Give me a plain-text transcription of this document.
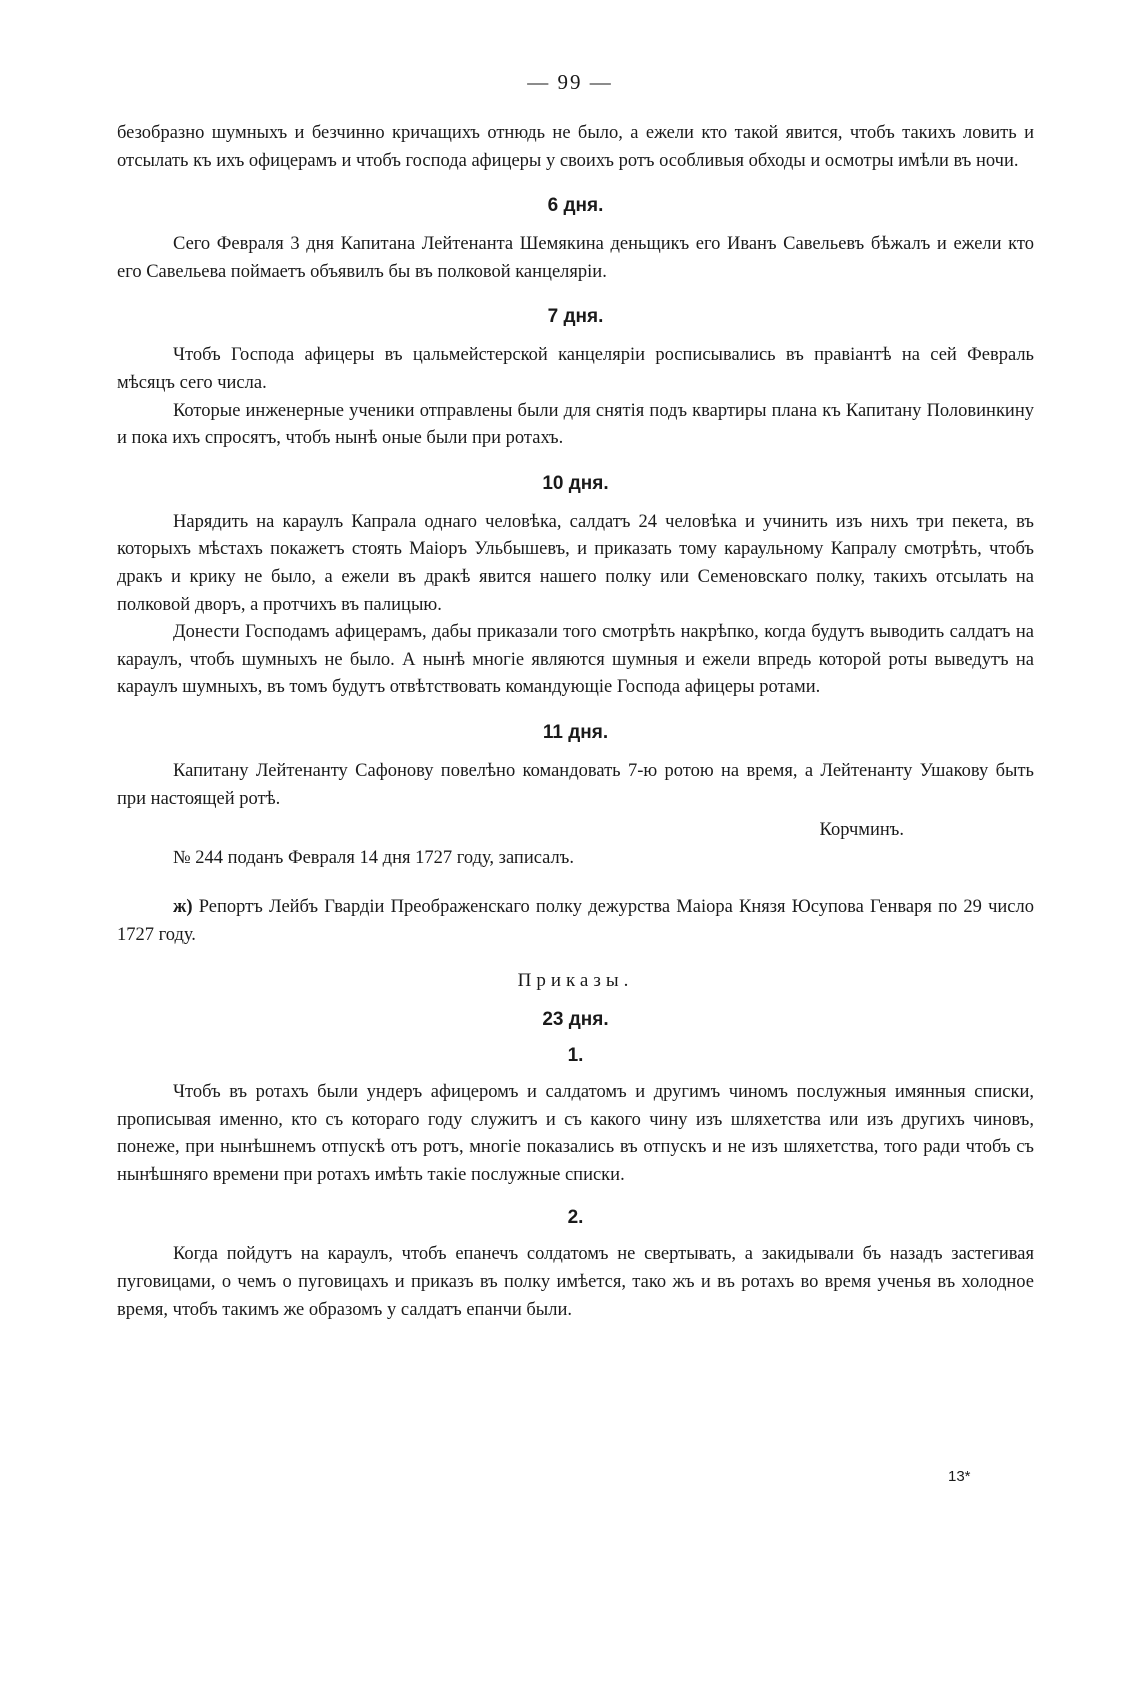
— 99 —

безобразно шумныхъ и безчинно кричащихъ отнюдь не было, а ежели кто такой явится, чтобъ такихъ ловить и отсылать къ ихъ офицерамъ и чтобъ господа афицеры у своихъ ротъ особливыя обходы и осмотры имѣли въ ночи.

6 дня.

Сего Февраля 3 дня Капитана Лейтенанта Шемякина деньщикъ его Иванъ Савельевъ бѣжалъ и ежели кто его Савельева поймаетъ объявилъ бы въ полковой канцеляріи.

7 дня.

Чтобъ Господа афицеры въ цальмейстерской канцеляріи росписывались въ правіантѣ на сей Февраль мѣсяцъ сего числа.

Которые инженерные ученики отправлены были для снятія подъ квартиры плана къ Капитану Половинкину и пока ихъ спросятъ, чтобъ нынѣ оные были при ротахъ.

10 дня.

Нарядить на караулъ Капрала однаго человѣка, салдатъ 24 человѣка и учинить изъ нихъ три пекета, въ которыхъ мѣстахъ покажетъ стоять Маіоръ Ульбышевъ, и приказать тому караульному Капралу смотрѣть, чтобъ дракъ и крику не было, а ежели въ дракѣ явится нашего полку или Семеновскаго полку, такихъ отсылать на полковой дворъ, а протчихъ въ палицыю.

Донести Господамъ афицерамъ, дабы приказали того смотрѣть накрѣпко, когда будутъ выводить салдатъ на караулъ, чтобъ шумныхъ не было. А нынѣ многіе являются шумныя и ежели впредь которой роты выведутъ на караулъ шумныхъ, въ томъ будутъ отвѣтствовать командующіе Господа афицеры ротами.

11 дня.

Капитану Лейтенанту Сафонову повелѣно командовать 7-ю ротою на время, а Лейтенанту Ушакову быть при настоящей ротѣ.

Корчминъ.

№ 244 поданъ Февраля 14 дня 1727 году, записалъ.

ж) Репортъ Лейбъ Гвардіи Преображенскаго полку дежурства Маіора Князя Юсупова Генваря по 29 число 1727 году.

Приказы.

23 дня.
1.

Чтобъ въ ротахъ были ундеръ афицеромъ и салдатомъ и другимъ чиномъ послужныя имянныя списки, прописывая именно, кто съ котораго году служитъ и съ какого чину изъ шляхетства или изъ другихъ чиновъ, понеже, при нынѣшнемъ отпускѣ отъ ротъ, многіе показались въ отпускъ и не изъ шляхетства, того ради чтобъ съ нынѣшняго времени при ротахъ имѣть такіе послужные списки.

2.

Когда пойдутъ на караулъ, чтобъ епанечъ солдатомъ не свертывать, а закидывали бъ назадъ застегивая пуговицами, о чемъ о пуговицахъ и приказъ въ полку имѣется, тако жъ и въ ротахъ во время ученья въ холодное время, чтобъ такимъ же образомъ у салдатъ епанчи были.

13*
